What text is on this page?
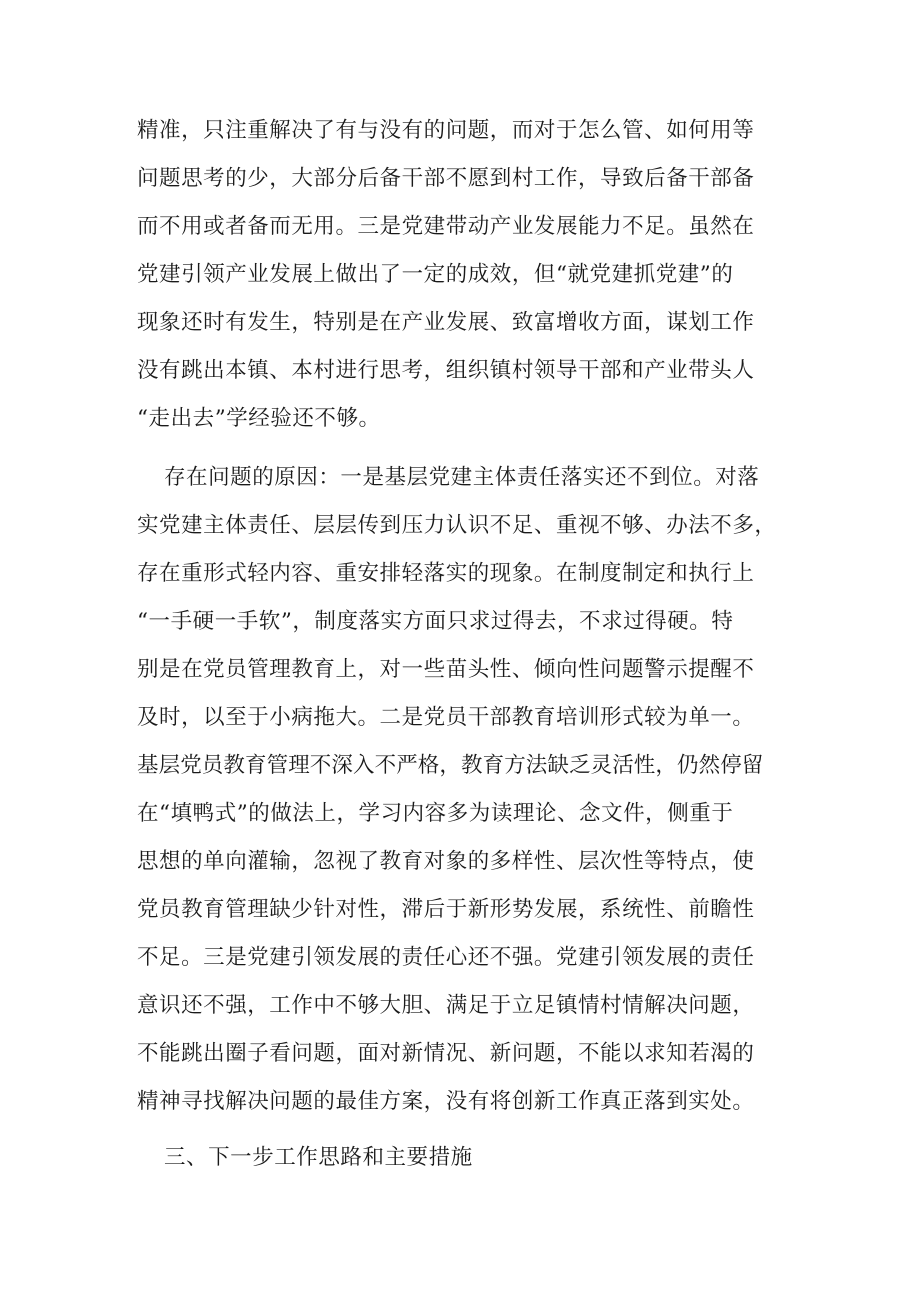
精准，只注重解决了有与没有的问题，而对于怎么管、如何用等
问题思考的少，大部分后备干部不愿到村工作，导致后备干部备
而不用或者备而无用。三是党建带动产业发展能力不足。虽然在
党建引领产业发展上做出了一定的成效，但“就党建抓党建”的
现象还时有发生，特别是在产业发展、致富增收方面，谋划工作
没有跳出本镇、本村进行思考，组织镇村领导干部和产业带头人
“走出去”学经验还不够。
存在问题的原因：一是基层党建主体责任落实还不到位。对落
实党建主体责任、层层传到压力认识不足、重视不够、办法不多，
存在重形式轻内容、重安排轻落实的现象。在制度制定和执行上
“一手硬一手软”，制度落实方面只求过得去，不求过得硬。特
别是在党员管理教育上，对一些苗头性、倾向性问题警示提醒不
及时，以至于小病拖大。二是党员干部教育培训形式较为单一。
基层党员教育管理不深入不严格，教育方法缺乏灵活性，仍然停留
在“填鸭式”的做法上，学习内容多为读理论、念文件，侧重于
思想的单向灌输，忽视了教育对象的多样性、层次性等特点，使
党员教育管理缺少针对性，滞后于新形势发展，系统性、前瞻性
不足。三是党建引领发展的责任心还不强。党建引领发展的责任
意识还不强，工作中不够大胆、满足于立足镇情村情解决问题，
不能跳出圈子看问题，面对新情况、新问题，不能以求知若渴的
精神寻找解决问题的最佳方案，没有将创新工作真正落到实处。
三、下一步工作思路和主要措施
